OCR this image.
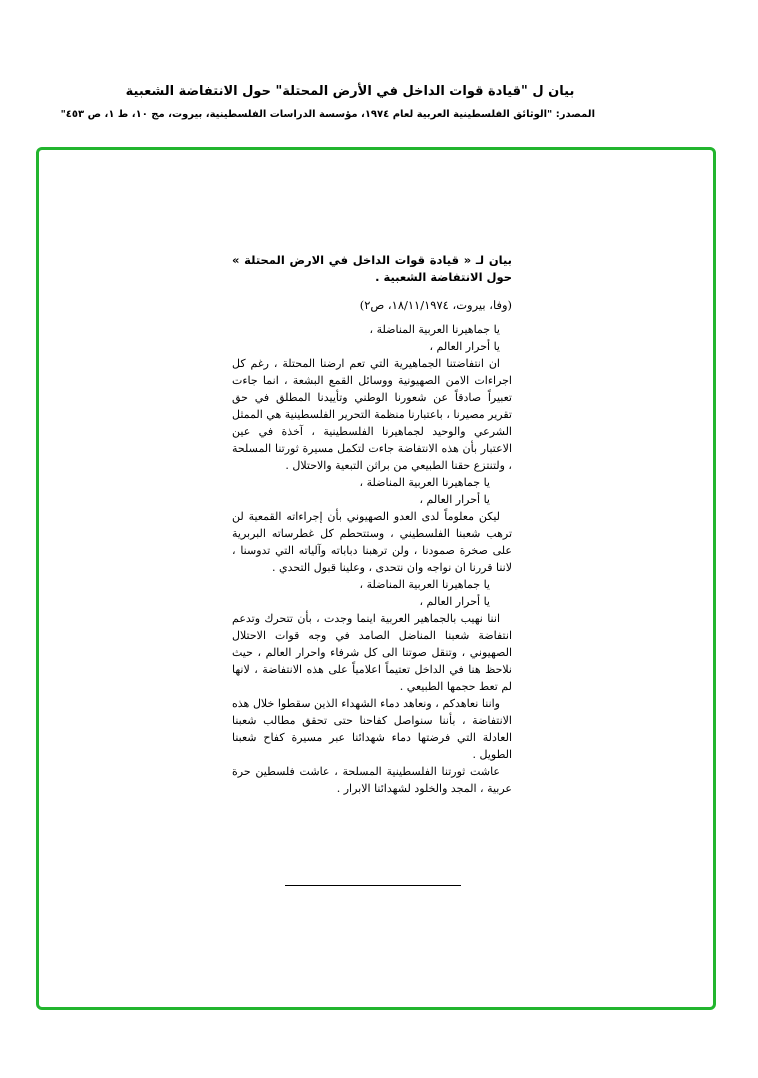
بيان ل "قيادة قوات الداخل في الأرض المحتلة" حول الانتفاضة الشعبية
المصدر: "الوثائق الفلسطينية العربية لعام ١٩٧٤، مؤسسة الدراسات الفلسطينية، بيروت، مج ١٠، ط ١، ص ٤٥٣"
بيان لـ « قيادة قوات الداخل في الارض المحتلة » حول الانتفاضة الشعبية .
(وفا، بيروت، ١٨/١١/١٩٧٤، ص٢)

يا جماهيرنا العربية المناضلة ،

يا أحرار العالم ،

ان انتفاضتنا الجماهيرية التي تعم ارضنا المحتلة ، رغم كل اجراءات الامن الصهيونية ووسائل القمع البشعة ، انما جاءت تعبيراً صادقاً عن شعورنا الوطني وتأييدنا المطلق في حق تقرير مصيرنا ، باعتبارنا منظمة التحرير الفلسطينية هي الممثل الشرعي والوحيد لجماهيرنا الفلسطينية ، آخذة في عين الاعتبار بأن هذه الانتفاضة جاءت لتكمل مسيرة ثورتنا المسلحة ، ولتنتزع حقنا الطبيعي من براثن التبعية والاحتلال .

يا جماهيرنا العربية المناضلة ،

يا أحرار العالم ،

ليكن معلوماً لدى العدو الصهيوني بأن إجراءاته القمعية لن ترهب شعبنا الفلسطيني ، وستتحطم كل غطرساته البربرية على صخرة صمودنا ، ولن ترهبنا دباباته وآلياته التي تدوسنا ، لاننا قررنا ان نواجه وان نتحدى ، وعلينا قبول التحدي .

يا جماهيرنا العربية المناضلة ،

يا أحرار العالم ،

اننا نهيب بالجماهير العربية اينما وجدت ، بأن تتحرك وتدعم انتفاضة شعبنا المناضل الصامد في وجه قوات الاحتلال الصهيوني ، وتنقل صوتنا الى كل شرفاء واحرار العالم ، حيث نلاحظ هنا في الداخل تعتيماً اعلامياً على هذه الانتفاضة ، لانها لم تعط حجمها الطبيعي .

واننا نعاهدكم ، ونعاهد دماء الشهداء الذين سقطوا خلال هذه الانتفاضة ، بأننا سنواصل كفاحنا حتى تحقق مطالب شعبنا العادلة التي فرضتها دماء شهدائنا عبر مسيرة كفاح شعبنا الطويل .

عاشت ثورتنا الفلسطينية المسلحة ، عاشت فلسطين حرة عربية ، المجد والخلود لشهدائنا الابرار .
